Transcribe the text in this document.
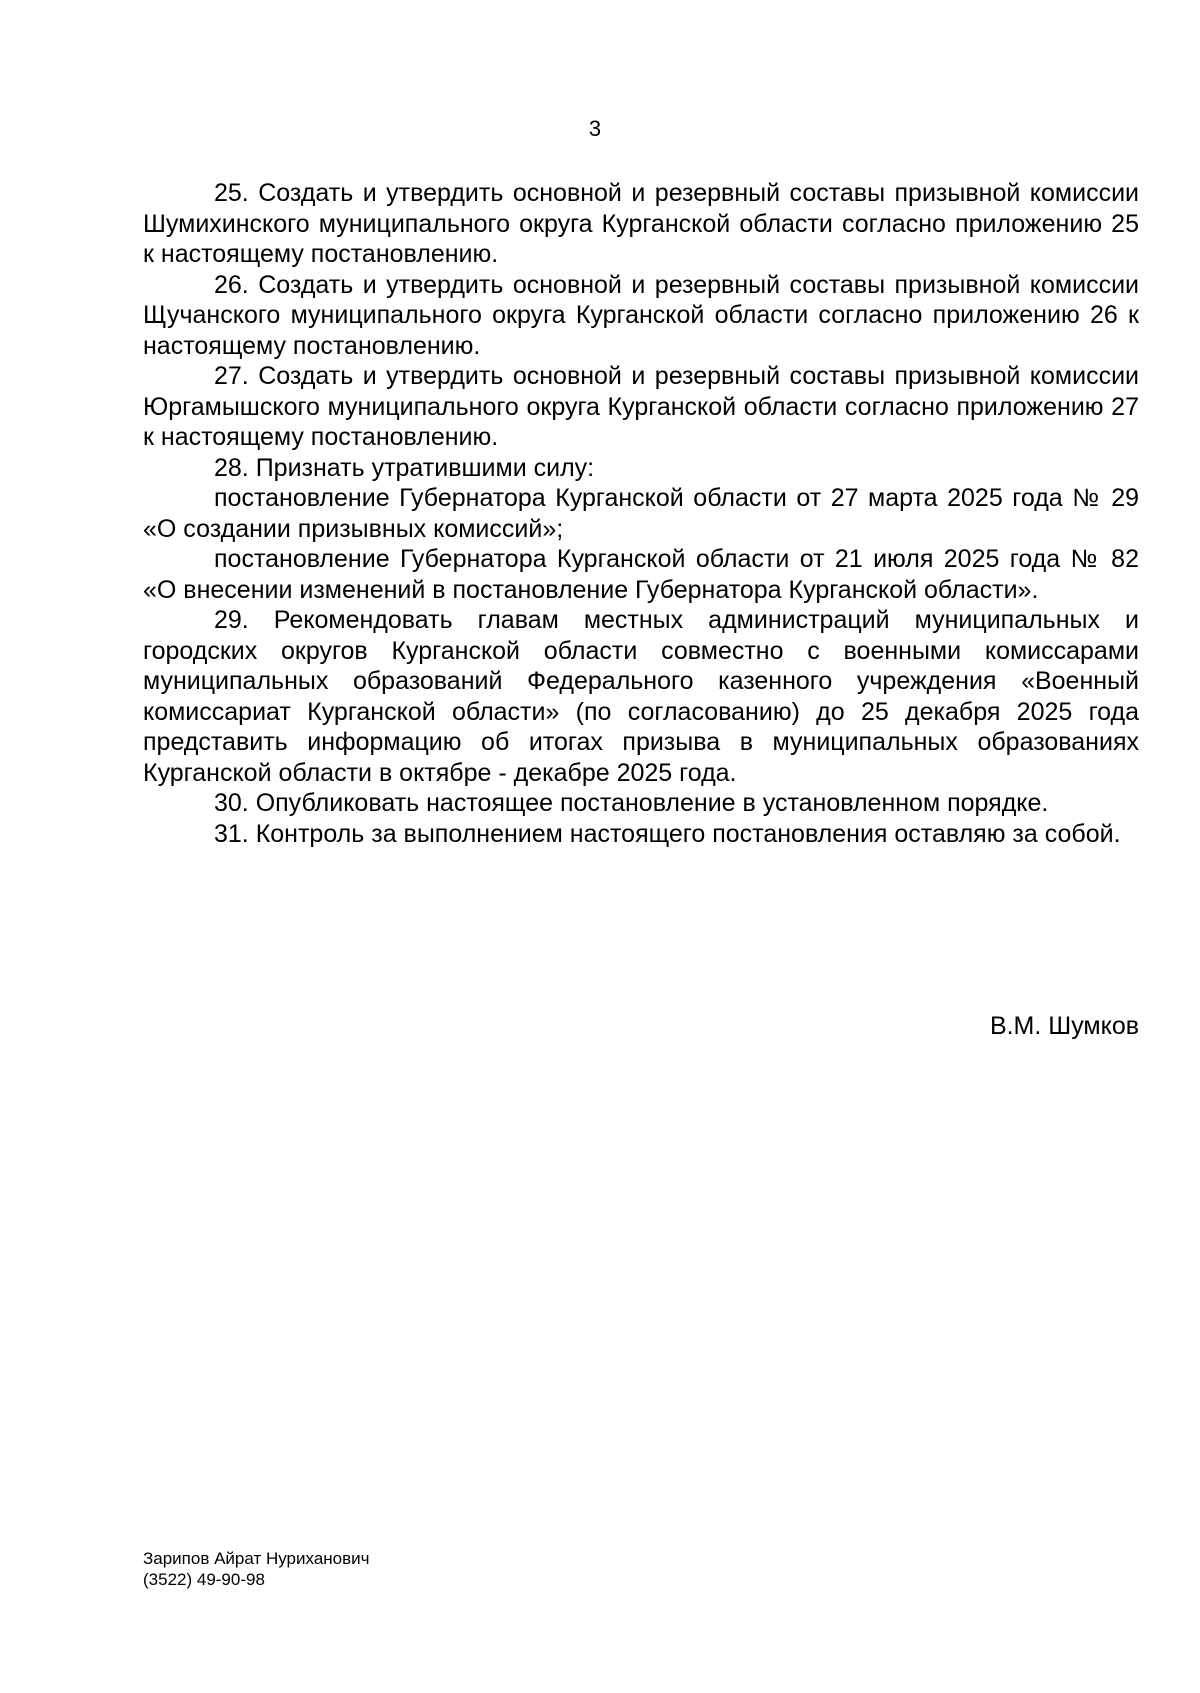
3

25. Создать и утвердить основной и резервный составы призывной комиссии Шумихинского муниципального округа Курганской области согласно приложению 25 к настоящему постановлению.

26. Создать и утвердить основной и резервный составы призывной комиссии Щучанского муниципального округа Курганской области согласно приложению 26 к настоящему постановлению.

27. Создать и утвердить основной и резервный составы призывной комиссии Юргамышского муниципального округа Курганской области согласно приложению 27 к настоящему постановлению.

28. Признать утратившими силу:

постановление Губернатора Курганской области от 27 марта 2025 года № 29 «О создании призывных комиссий»;

постановление Губернатора Курганской области от 21 июля 2025 года № 82 «О внесении изменений в постановление Губернатора Курганской области».

29. Рекомендовать главам местных администраций муниципальных и городских округов Курганской области совместно с военными комиссарами муниципальных образований Федерального казенного учреждения «Военный комиссариат Курганской области» (по согласованию) до 25 декабря 2025 года представить информацию об итогах призыва в муниципальных образованиях Курганской области в октябре - декабре 2025 года.

30. Опубликовать настоящее постановление в установленном порядке.

31. Контроль за выполнением настоящего постановления оставляю за собой.

В.М. Шумков
Зарипов Айрат Нуриханович
(3522) 49-90-98
